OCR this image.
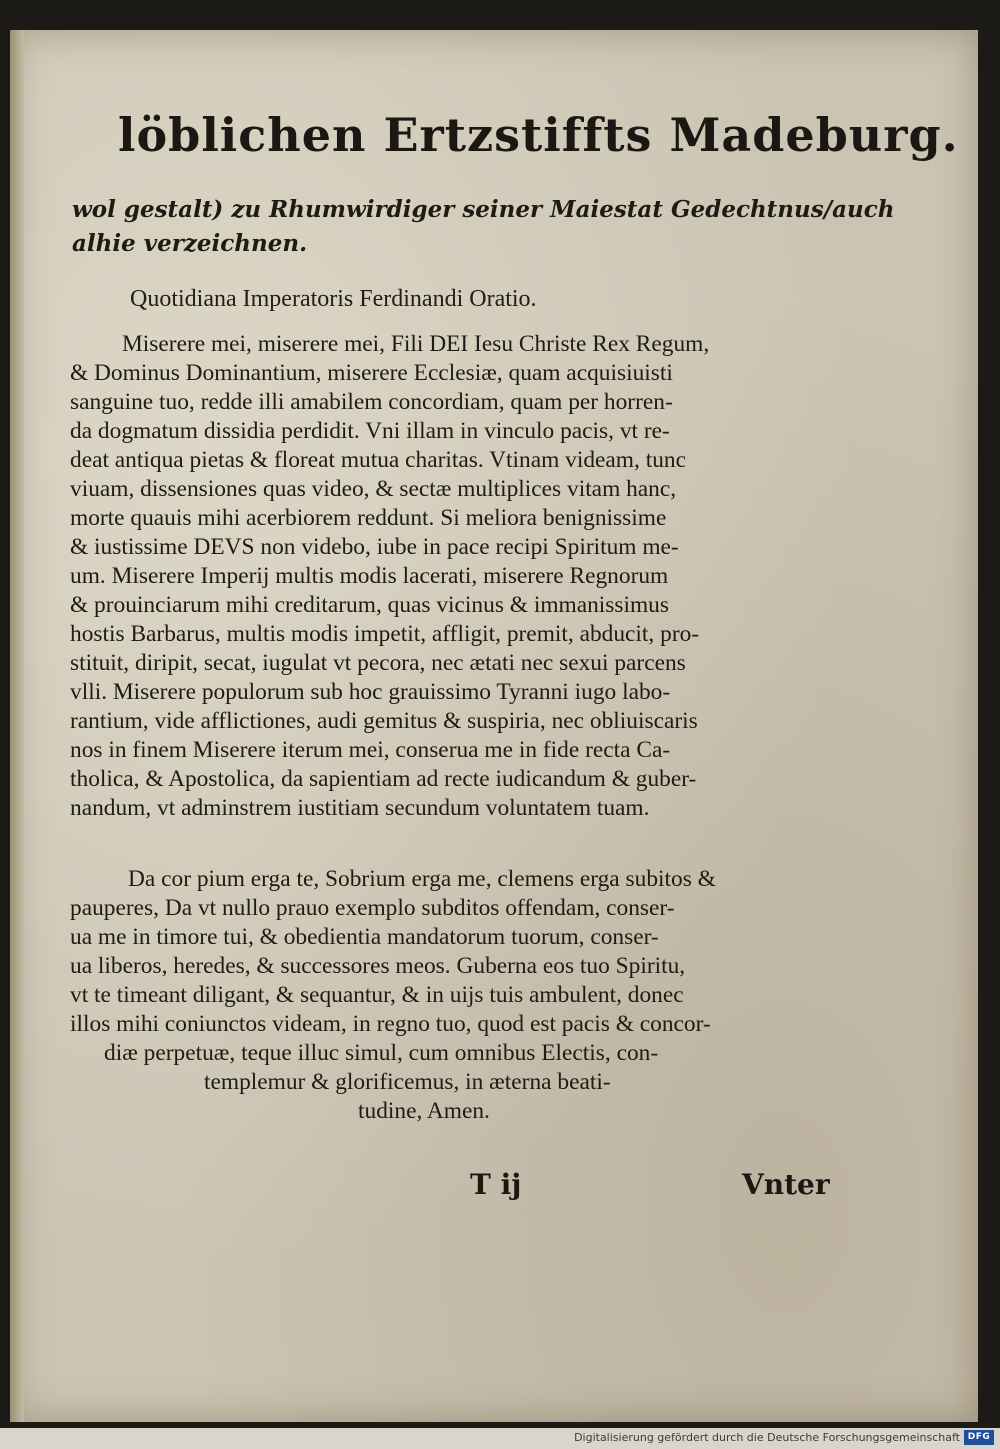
löblichen Ertzstiffts Madeburg.
wol gestalt) zu Rhumwirdiger seiner Maiestat Gedechtnus/auch
alhie verzeichnen.
Quotidiana Imperatoris Ferdinandi Oratio.
Miserere mei, miserere mei, Fili DEI Iesu Christe Rex Regum,
& Dominus Dominantium, miserere Ecclesiæ, quam acquisiuisti
sanguine tuo, redde illi amabilem concordiam, quam per horren-
da dogmatum dissidia perdidit. Vni illam in vinculo pacis, vt re-
deat antiqua pietas & floreat mutua charitas. Vtinam videam, tunc
viuam, dissensiones quas video, & sectæ multiplices vitam hanc,
morte quauis mihi acerbiorem reddunt. Si meliora benignissime
& iustissime DEVS non videbo, iube in pace recipi Spiritum me-
um. Miserere Imperij multis modis lacerati, miserere Regnorum
& prouinciarum mihi creditarum, quas vicinus & immanissimus
hostis Barbarus, multis modis impetit, affligit, premit, abducit, pro-
stituit, diripit, secat, iugulat vt pecora, nec ætati nec sexui parcens
vlli. Miserere populorum sub hoc grauissimo Tyranni iugo labo-
rantium, vide afflictiones, audi gemitus & suspiria, nec obliuiscaris
nos in finem Miserere iterum mei, conserua me in fide recta Ca-
tholica, & Apostolica, da sapientiam ad recte iudicandum & guber-
nandum, vt adminstrem iustitiam secundum voluntatem tuam.
Da cor pium erga te, Sobrium erga me, clemens erga subitos &
pauperes, Da vt nullo prauo exemplo subditos offendam, conser-
ua me in timore tui, & obedientia mandatorum tuorum, conser-
ua liberos, heredes, & successores meos. Guberna eos tuo Spiritu,
vt te timeant diligant, & sequantur, & in uijs tuis ambulent, donec
illos mihi coniunctos videam, in regno tuo, quod est pacis & concor-
diæ perpetuæ, teque illuc simul, cum omnibus Electis, con-
templemur & glorificemus, in æterna beati-
tudine, Amen.
T ij	Vnter
Digitalisierung gefördert durch die Deutsche Forschungsgemeinschaft DFG
